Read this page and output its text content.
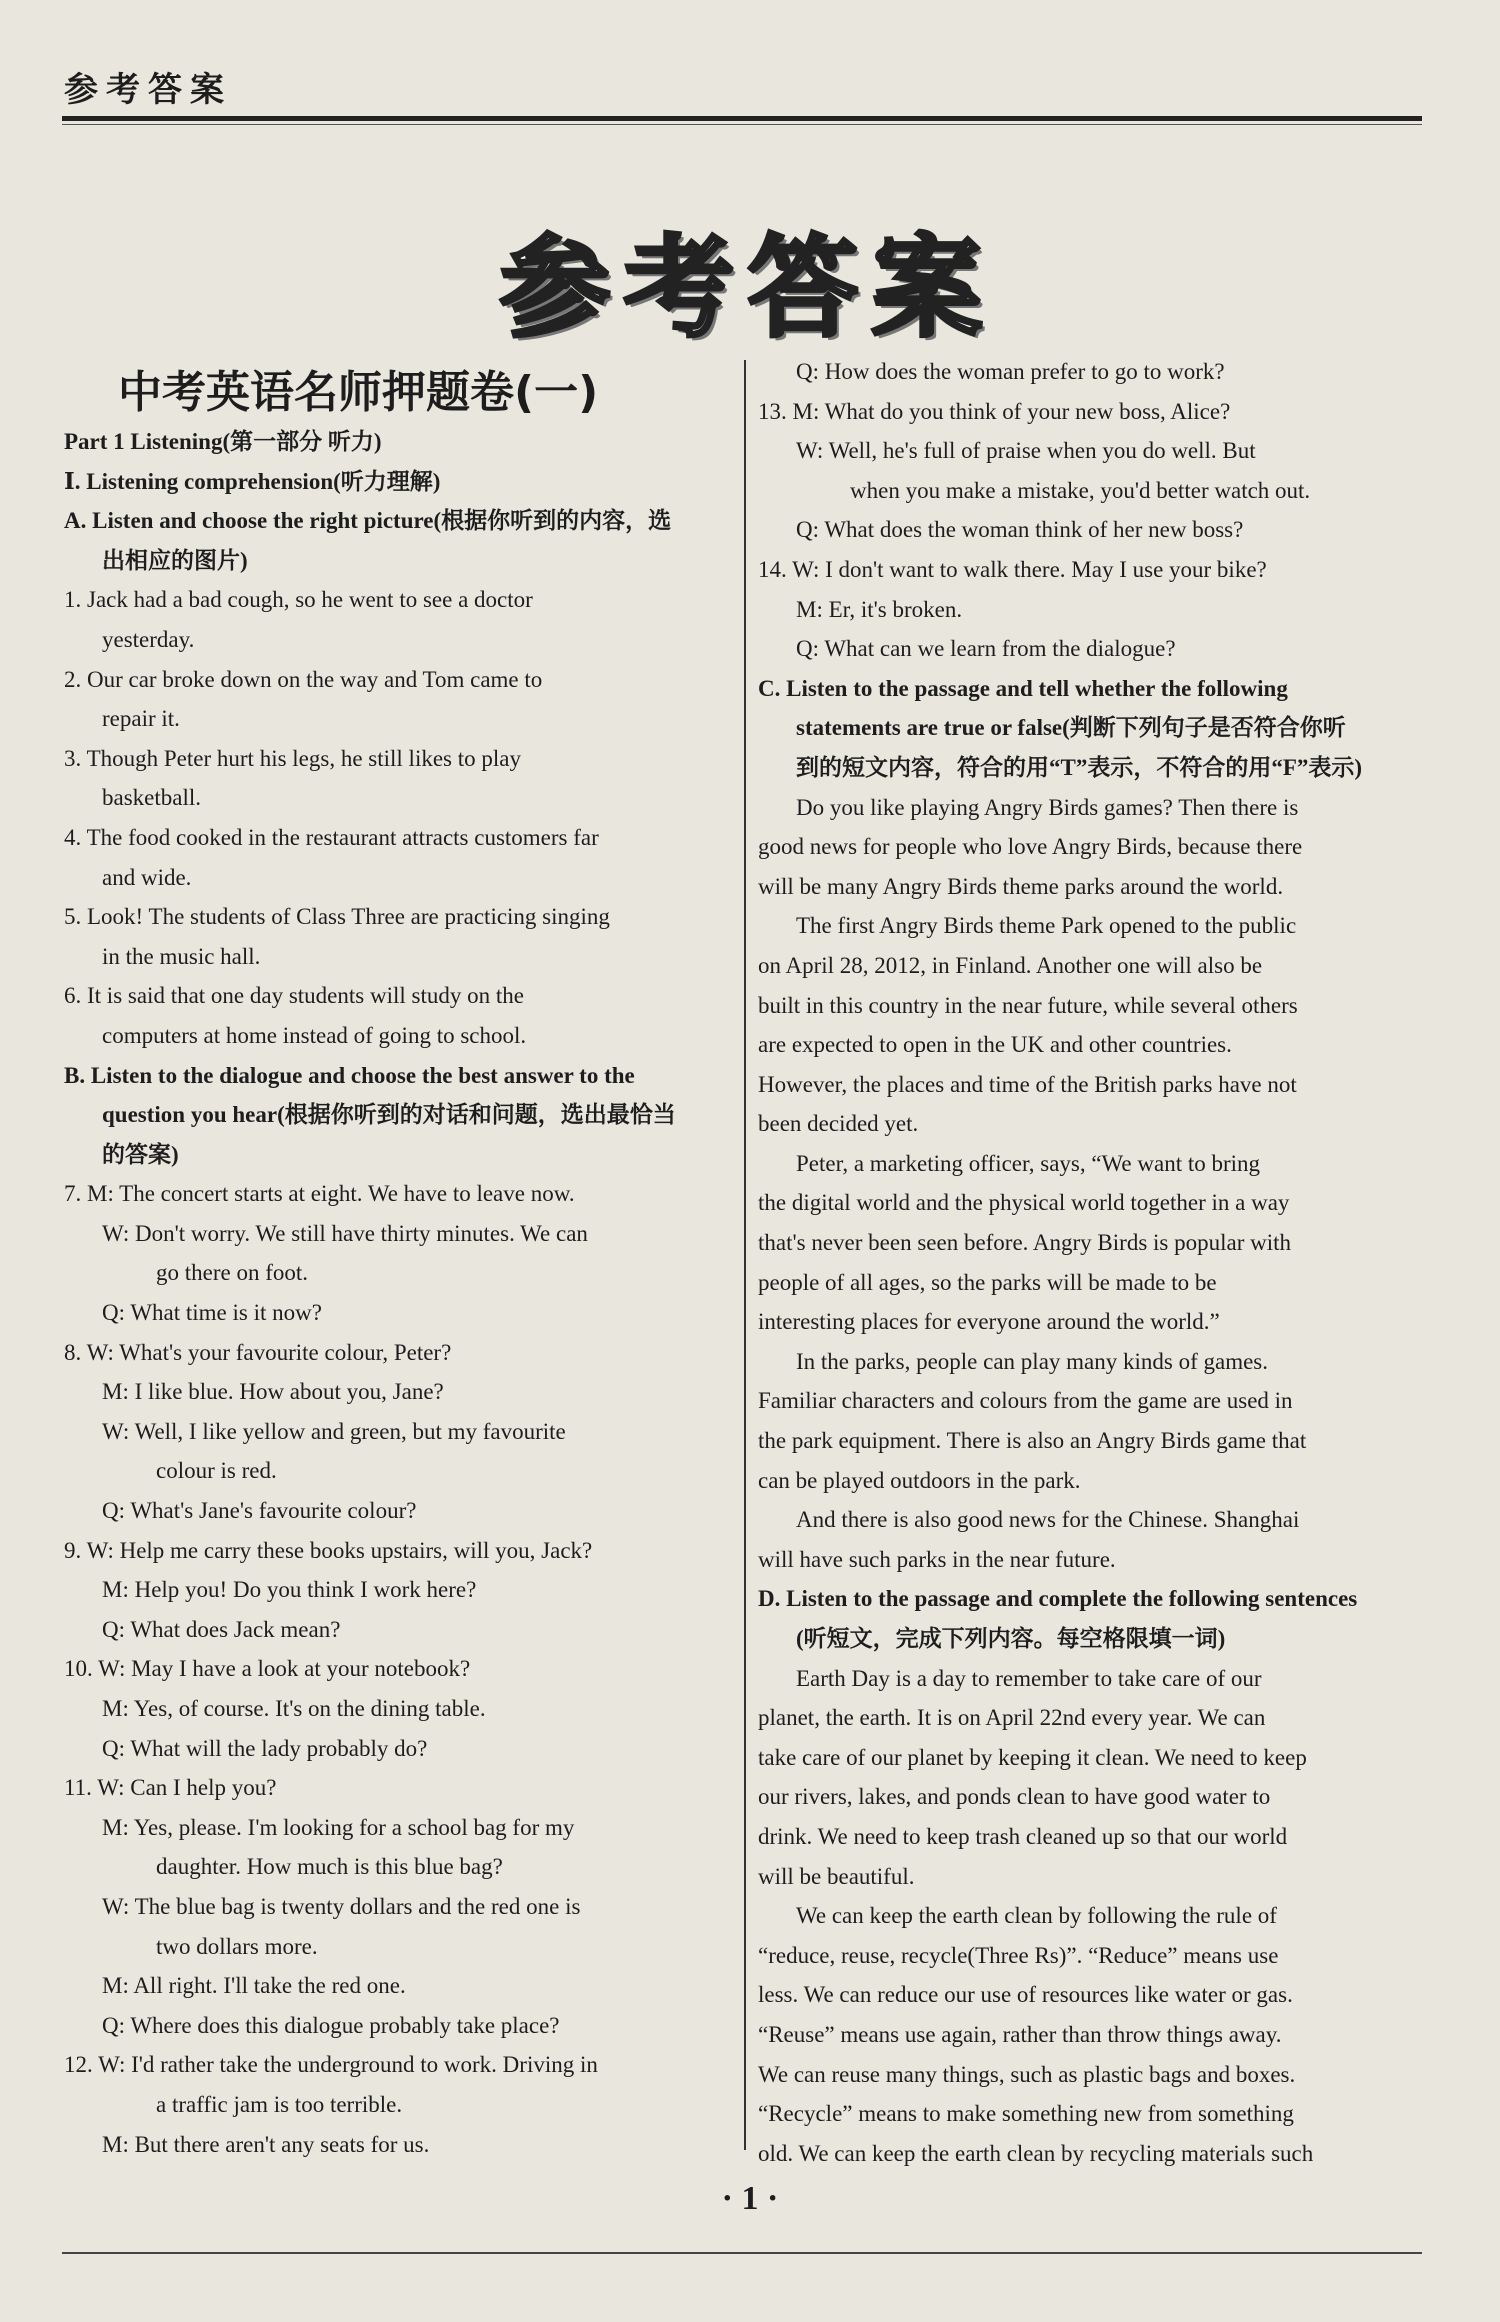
参考答案
参考答案
Part 1 Listening(第一部分 听力)
Ⅰ. Listening comprehension(听力理解)
A. Listen and choose the right picture(根据你听到的内容，选
出相应的图片)
1. Jack had a bad cough, so he went to see a doctor
yesterday.
2. Our car broke down on the way and Tom came to
repair it.
3. Though Peter hurt his legs, he still likes to play
basketball.
4. The food cooked in the restaurant attracts customers far
and wide.
5. Look! The students of Class Three are practicing singing
in the music hall.
6. It is said that one day students will study on the
computers at home instead of going to school.
B. Listen to the dialogue and choose the best answer to the
question you hear(根据你听到的对话和问题，选出最恰当
的答案)
7. M: The concert starts at eight. We have to leave now.
W: Don't worry. We still have thirty minutes. We can
go there on foot.
Q: What time is it now?
8. W: What's your favourite colour, Peter?
M: I like blue. How about you, Jane?
W: Well, I like yellow and green, but my favourite
colour is red.
Q: What's Jane's favourite colour?
9. W: Help me carry these books upstairs, will you, Jack?
M: Help you! Do you think I work here?
Q: What does Jack mean?
10. W: May I have a look at your notebook?
M: Yes, of course. It's on the dining table.
Q: What will the lady probably do?
11. W: Can I help you?
M: Yes, please. I'm looking for a school bag for my
daughter. How much is this blue bag?
W: The blue bag is twenty dollars and the red one is
two dollars more.
M: All right. I'll take the red one.
Q: Where does this dialogue probably take place?
12. W: I'd rather take the underground to work. Driving in
a traffic jam is too terrible.
M: But there aren't any seats for us.
中考英语名师押题卷(一)	Q: How does the woman prefer to go to work?
13. M: What do you think of your new boss, Alice?
W: Well, he's full of praise when you do well. But
when you make a mistake, you'd better watch out.
Q: What does the woman think of her new boss?
14. W: I don't want to walk there. May I use your bike?
M: Er, it's broken.
Q: What can we learn from the dialogue?
C. Listen to the passage and tell whether the following
statements are true or false(判断下列句子是否符合你听
到的短文内容，符合的用“T”表示，不符合的用“F”表示)
Do you like playing Angry Birds games? Then there is
good news for people who love Angry Birds, because there
will be many Angry Birds theme parks around the world.
The first Angry Birds theme Park opened to the public
on April 28, 2012, in Finland. Another one will also be
built in this country in the near future, while several others
are expected to open in the UK and other countries.
However, the places and time of the British parks have not
been decided yet.
Peter, a marketing officer, says, “We want to bring
the digital world and the physical world together in a way
that's never been seen before. Angry Birds is popular with
people of all ages, so the parks will be made to be
interesting places for everyone around the world.”
In the parks, people can play many kinds of games.
Familiar characters and colours from the game are used in
the park equipment. There is also an Angry Birds game that
can be played outdoors in the park.
And there is also good news for the Chinese. Shanghai
will have such parks in the near future.
D. Listen to the passage and complete the following sentences
(听短文，完成下列内容。每空格限填一词)
Earth Day is a day to remember to take care of our
planet, the earth. It is on April 22nd every year. We can
take care of our planet by keeping it clean. We need to keep
our rivers, lakes, and ponds clean to have good water to
drink. We need to keep trash cleaned up so that our world
will be beautiful.
We can keep the earth clean by following the rule of
“reduce, reuse, recycle(Three Rs)”. “Reduce” means use
less. We can reduce our use of resources like water or gas.
“Reuse” means use again, rather than throw things away.
We can reuse many things, such as plastic bags and boxes.
“Recycle” means to make something new from something
old. We can keep the earth clean by recycling materials such
· 1 ·
